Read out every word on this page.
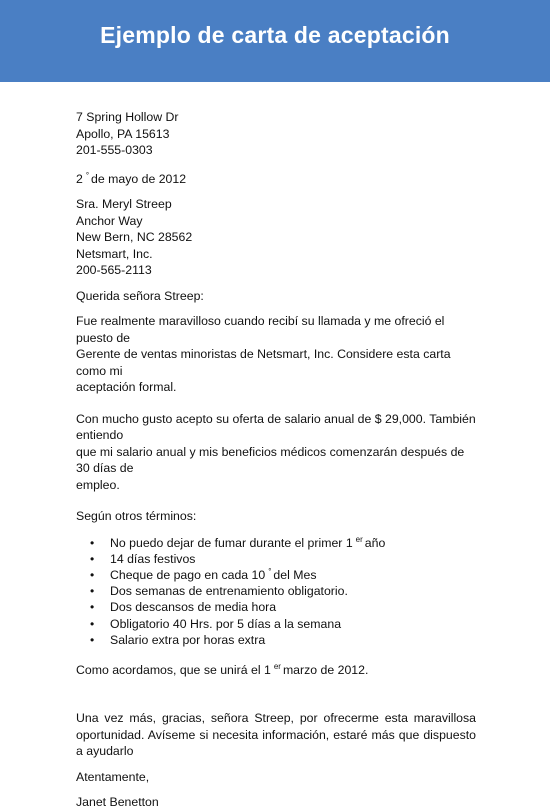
Ejemplo de carta de aceptación
7 Spring Hollow Dr
Apollo, PA 15613
201-555-0303
2 ° de mayo de 2012
Sra. Meryl Streep
Anchor Way
New Bern, NC 28562
Netsmart, Inc.
200-565-2113
Querida señora Streep:
Fue realmente maravilloso cuando recibí su llamada y me ofreció el puesto de
Gerente de ventas minoristas de Netsmart, Inc. Considere esta carta como mi
aceptación formal.
Con mucho gusto acepto su oferta de salario anual de $ 29,000. También entiendo
que mi salario anual y mis beneficios médicos comenzarán después de 30 días de
empleo.
Según otros términos:
• No puedo dejar de fumar durante el primer 1 $^{er}$ año
• 14 días festivos
• Cheque de pago en cada 10 ° del Mes
• Dos semanas de entrenamiento obligatorio.
• Dos descansos de media hora
• Obligatorio 40 Hrs. por 5 días a la semana
• Salario extra por horas extra
Como acordamos, que se unirá el 1 $^{er}$ marzo de 2012.
Una vez más, gracias, señora Streep, por ofrecerme esta maravillosa oportunidad. Avíseme si necesita información, estaré más que dispuesto a ayudarlo
Atentamente,
Janet Benetton
